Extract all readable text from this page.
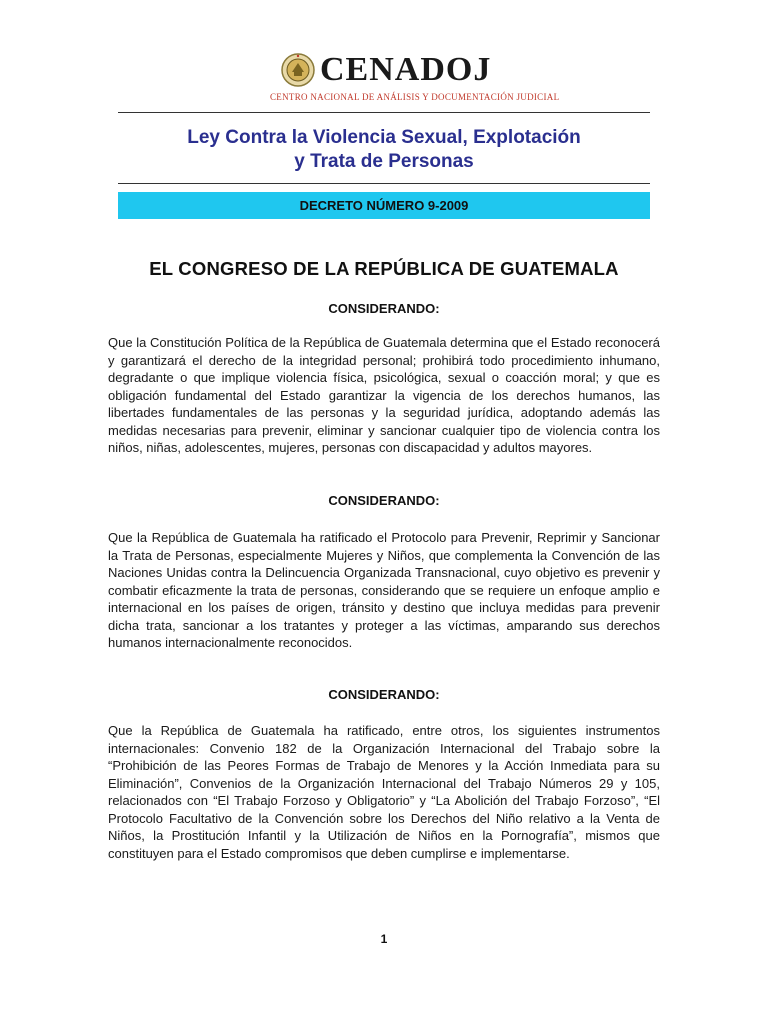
CENADOJ
CENTRO NACIONAL DE ANÁLISIS Y DOCUMENTACIÓN JUDICIAL
Ley Contra la Violencia Sexual, Explotación
y Trata de Personas
DECRETO NÚMERO 9-2009
EL CONGRESO DE LA REPÚBLICA DE GUATEMALA
CONSIDERANDO:
Que la Constitución Política de la República de Guatemala determina que el Estado reconocerá y garantizará el derecho de la integridad personal; prohibirá todo procedimiento inhumano, degradante o que implique violencia física, psicológica, sexual o coacción moral; y que es obligación fundamental del Estado garantizar la vigencia de los derechos humanos, las libertades fundamentales de las personas y la seguridad jurídica, adoptando además las medidas necesarias para prevenir, eliminar y sancionar cualquier tipo de violencia contra los niños, niñas, adolescentes, mujeres, personas con discapacidad y adultos mayores.
CONSIDERANDO:
Que la República de Guatemala ha ratificado el Protocolo para Prevenir, Reprimir y Sancionar la Trata de Personas, especialmente Mujeres y Niños, que complementa la Convención de las Naciones Unidas contra la Delincuencia Organizada Transnacional, cuyo objetivo es prevenir y combatir eficazmente la trata de personas, considerando que se requiere un enfoque amplio e internacional en los países de origen, tránsito y destino que incluya medidas para prevenir dicha trata, sancionar a los tratantes y proteger a las víctimas, amparando sus derechos humanos internacionalmente reconocidos.
CONSIDERANDO:
Que la República de Guatemala ha ratificado, entre otros, los siguientes instrumentos internacionales: Convenio 182 de la Organización Internacional del Trabajo sobre la “Prohibición de las Peores Formas de Trabajo de Menores y la Acción Inmediata para su Eliminación”, Convenios de la Organización Internacional del Trabajo Números 29 y 105, relacionados con “El Trabajo Forzoso y Obligatorio” y “La Abolición del Trabajo Forzoso”, “El Protocolo Facultativo de la Convención sobre los Derechos del Niño relativo a la Venta de Niños, la Prostitución Infantil y la Utilización de Niños en la Pornografía”, mismos que constituyen para el Estado compromisos que deben cumplirse e implementarse.
1
